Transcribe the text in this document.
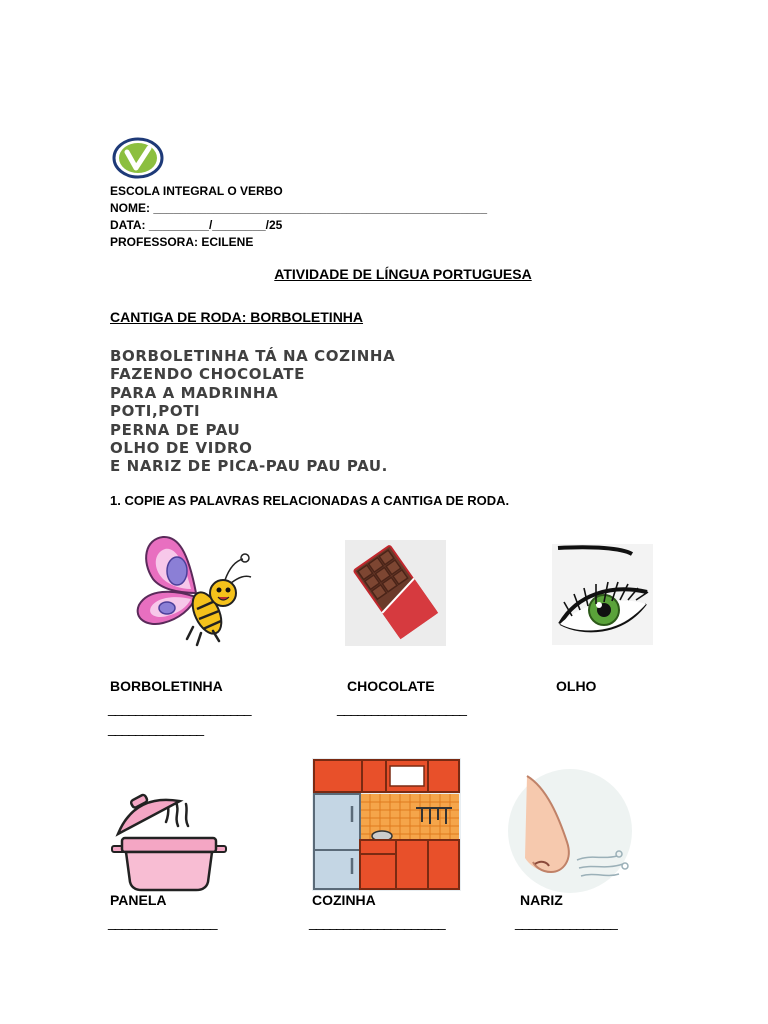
ESCOLA INTEGRAL O VERBO
NOME: __________________________________________________
DATA: _________/________/25
PROFESSORA: ECILENE
ATIVIDADE DE LÍNGUA PORTUGUESA
CANTIGA DE RODA: BORBOLETINHA
BORBOLETINHA TÁ NA COZINHA
FAZENDO CHOCOLATE
PARA A MADRINHA
POTI,POTI
PERNA DE PAU
OLHO DE VIDRO
E NARIZ DE PICA-PAU PAU PAU.
1. COPIE AS PALAVRAS RELACIONADAS A CANTIGA DE RODA.
BORBOLETINHA	CHOCOLATE	OLHO
_____________________	___________________
______________
PANELA	COZINHA	NARIZ
________________	____________________	_______________
